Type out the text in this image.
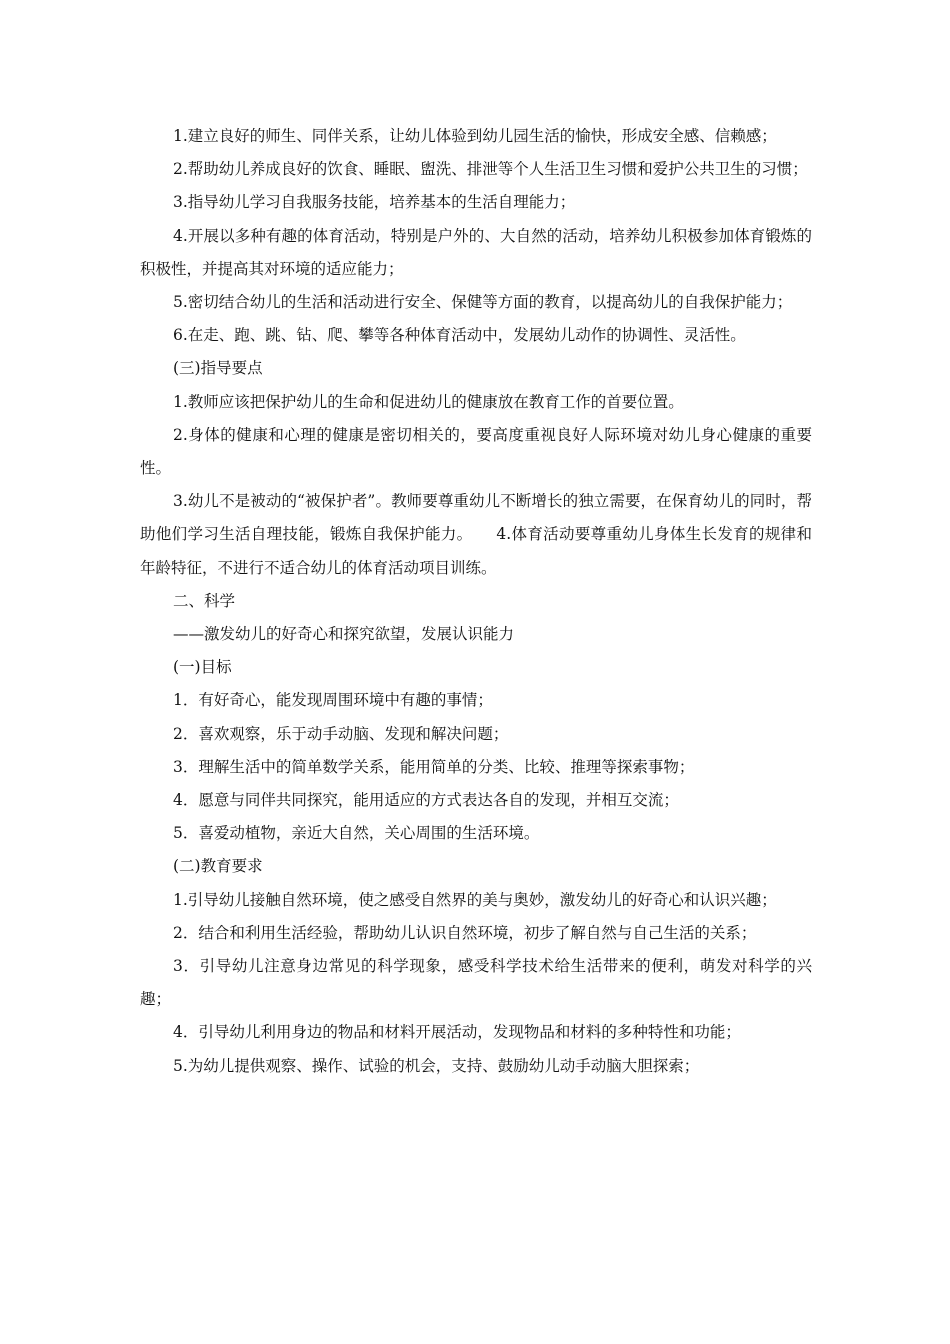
1.建立良好的师生、同伴关系，让幼儿体验到幼儿园生活的愉快，形成安全感、信赖感；

2.帮助幼儿养成良好的饮食、睡眠、盥洗、排泄等个人生活卫生习惯和爱护公共卫生的习惯；

3.指导幼儿学习自我服务技能，培养基本的生活自理能力；

4.开展以多种有趣的体育活动，特别是户外的、大自然的活动，培养幼儿积极参加体育锻炼的积极性，并提高其对环境的适应能力；

5.密切结合幼儿的生活和活动进行安全、保健等方面的教育，以提高幼儿的自我保护能力；

6.在走、跑、跳、钻、爬、攀等各种体育活动中，发展幼儿动作的协调性、灵活性。

(三)指导要点

1.教师应该把保护幼儿的生命和促进幼儿的健康放在教育工作的首要位置。

2.身体的健康和心理的健康是密切相关的，要高度重视良好人际环境对幼儿身心健康的重要性。

3.幼儿不是被动的“被保护者”。教师要尊重幼儿不断增长的独立需要，在保育幼儿的同时，帮助他们学习生活自理技能，锻炼自我保护能力。　　4.体育活动要尊重幼儿身体生长发育的规律和年龄特征，不进行不适合幼儿的体育活动项目训练。

二、科学

——激发幼儿的好奇心和探究欲望，发展认识能力

(一)目标

1．有好奇心，能发现周围环境中有趣的事情；

2．喜欢观察，乐于动手动脑、发现和解决问题；

3．理解生活中的简单数学关系，能用简单的分类、比较、推理等探索事物；

4．愿意与同伴共同探究，能用适应的方式表达各自的发现，并相互交流；

5．喜爱动植物，亲近大自然，关心周围的生活环境。

(二)教育要求

1.引导幼儿接触自然环境，使之感受自然界的美与奥妙，激发幼儿的好奇心和认识兴趣；

2．结合和利用生活经验，帮助幼儿认识自然环境，初步了解自然与自己生活的关系；

3．引导幼儿注意身边常见的科学现象，感受科学技术给生活带来的便利，萌发对科学的兴趣；

4．引导幼儿利用身边的物品和材料开展活动，发现物品和材料的多种特性和功能；

5.为幼儿提供观察、操作、试验的机会，支持、鼓励幼儿动手动脑大胆探索；
